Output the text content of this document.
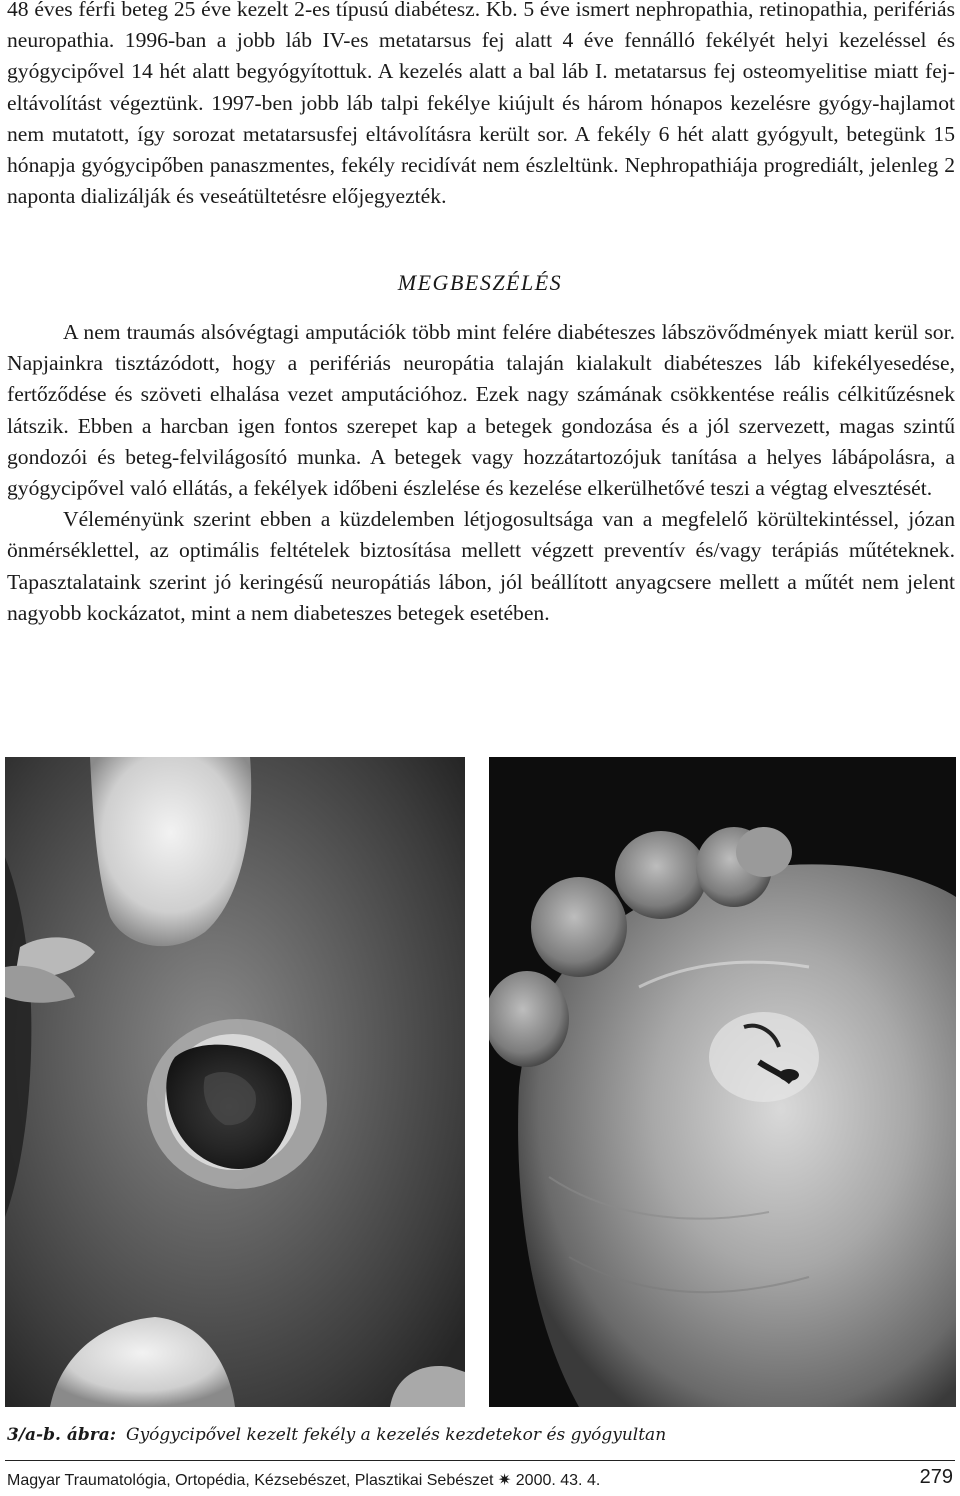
48 éves férfi beteg 25 éve kezelt 2-es típusú diabétesz. Kb. 5 éve ismert nephropathia, retinopathia, perifériás neuropathia. 1996-ban a jobb láb IV-es metatarsus fej alatt 4 éve fennálló fekélyét helyi kezeléssel és gyógycipővel 14 hét alatt begyógyítottuk. A kezelés alatt a bal láb I. metatarsus fej osteomyelitise miatt fej-eltávolítást végeztünk. 1997-ben jobb láb talpi fekélye kiújult és három hónapos kezelésre gyógy-hajlamot nem mutatott, így sorozat metatarsusfej eltávolításra került sor. A fekély 6 hét alatt gyógyult, betegünk 15 hónapja gyógycipőben panaszmentes, fekély recidívát nem észleltünk. Nephropathiája progrediált, jelenleg 2 naponta dializálják és veseátültetésre előjegyezték.

MEGBESZÉLÉS

A nem traumás alsóvégtagi amputációk több mint felére diabéteszes lábszövődmények miatt kerül sor. Napjainkra tisztázódott, hogy a perifériás neuropátia talaján kialakult diabéteszes láb kifekélyesedése, fertőződése és szöveti elhalása vezet amputációhoz. Ezek nagy számának csökkentése reális célkitűzésnek látszik. Ebben a harcban igen fontos szerepet kap a betegek gondozása és a jól szervezett, magas szintű gondozói és beteg-felvilágosító munka. A betegek vagy hozzátartozójuk tanítása a helyes lábápolásra, a gyógycipővel való ellátás, a fekélyek időbeni észlelése és kezelése elkerülhetővé teszi a végtag elvesztését.

Véleményünk szerint ebben a küzdelemben létjogosultsága van a megfelelő körültekintéssel, józan önmérséklettel, az optimális feltételek biztosítása mellett végzett preventív és/vagy terápiás műtéteknek. Tapasztalataink szerint jó keringésű neuropátiás lábon, jól beállított anyagcsere mellett a műtét nem jelent nagyobb kockázatot, mint a nem diabeteszes betegek esetében.

3/a-b. ábra: Gyógycipővel kezelt fekély a kezelés kezdetekor és gyógyultan
Magyar Traumatológia, Ortopédia, Kézsebészet, Plasztikai Sebészet ✷ 2000. 43. 4.	279
